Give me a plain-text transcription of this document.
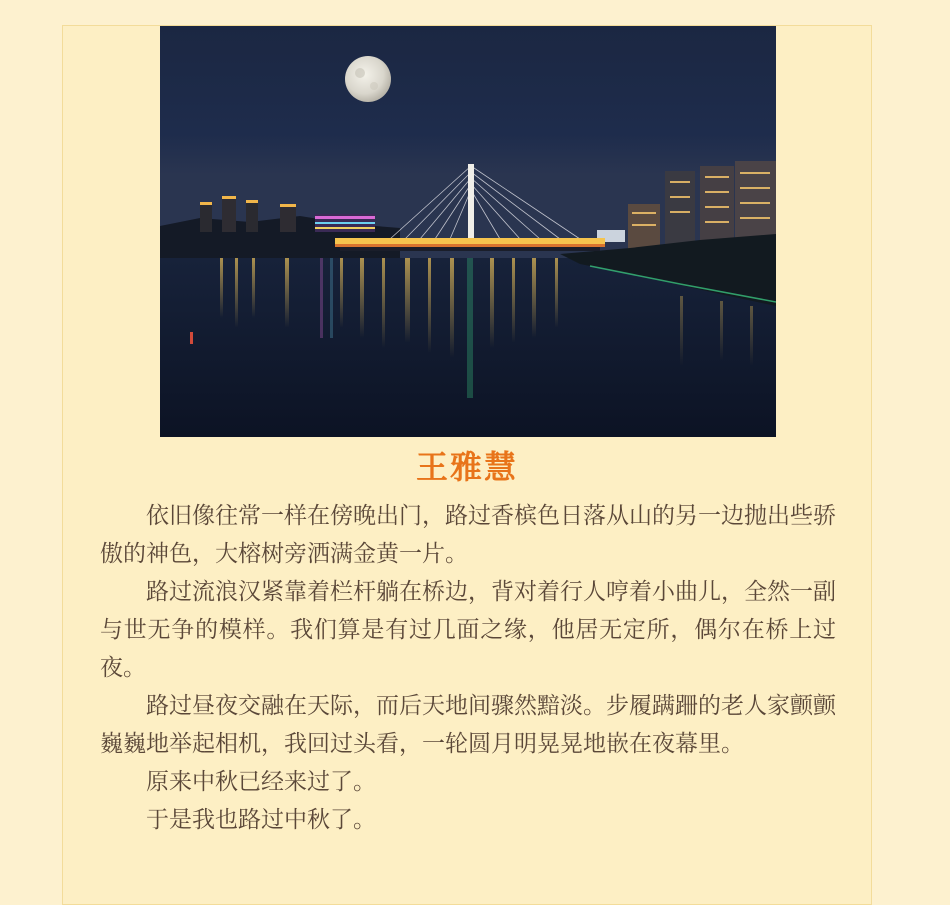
王雅慧

依旧像往常一样在傍晚出门，路过香槟色日落从山的另一边抛出些骄傲的神色，大榕树旁洒满金黄一片。

路过流浪汉紧靠着栏杆躺在桥边，背对着行人哼着小曲儿，全然一副与世无争的模样。我们算是有过几面之缘，他居无定所，偶尔在桥上过夜。

路过昼夜交融在天际，而后天地间骤然黯淡。步履蹒跚的老人家颤颤巍巍地举起相机，我回过头看，一轮圆月明晃晃地嵌在夜幕里。

原来中秋已经来过了。

于是我也路过中秋了。
